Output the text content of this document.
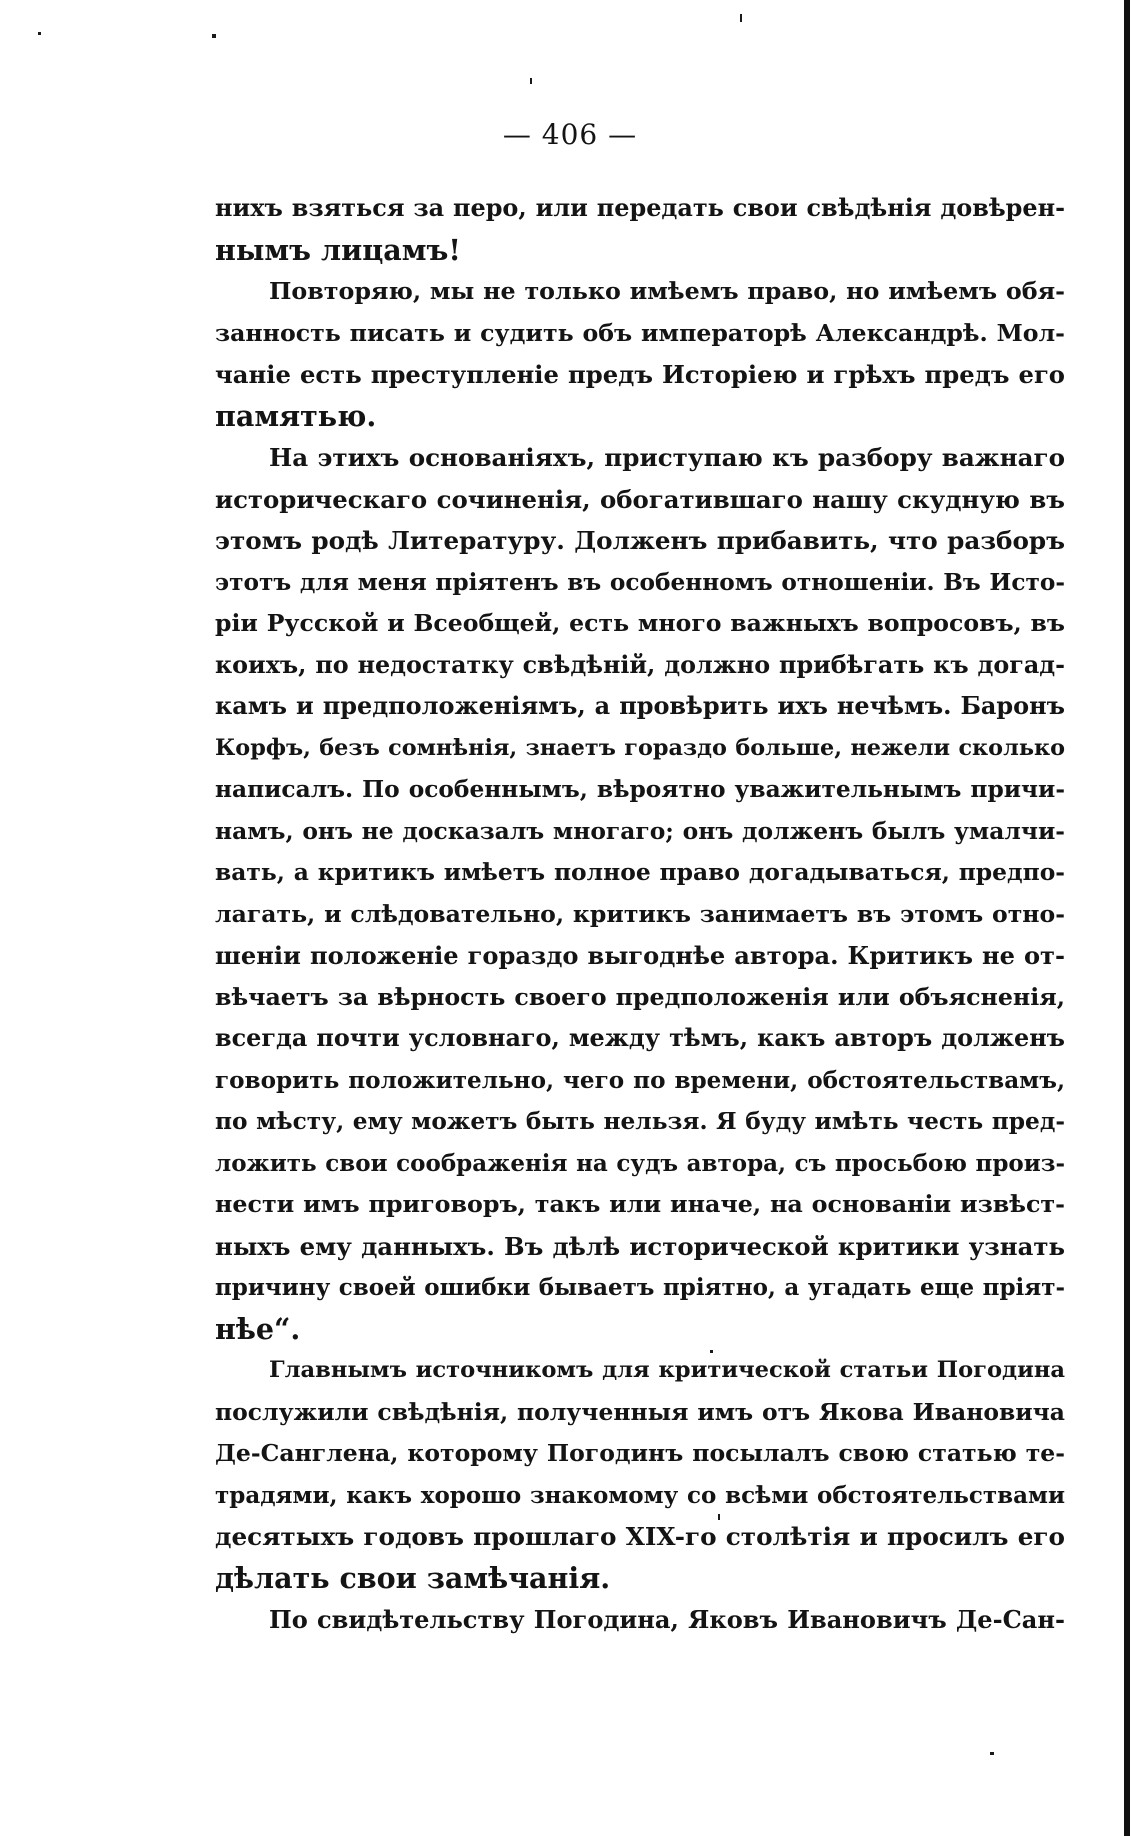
— 406 —
нихъ взяться за перо, или передать свои свѣдѣнія довѣрен-
нымъ лицамъ!
Повторяю, мы не только имѣемъ право, но имѣемъ обя-
занность писать и судить объ императорѣ Александрѣ. Мол-
чаніе есть преступленіе предъ Исторіею и грѣхъ предъ его
памятью.
На этихъ основаніяхъ, приступаю къ разбору важнаго
историческаго сочиненія, обогатившаго нашу скудную въ
этомъ родѣ Литературу. Долженъ прибавить, что разборъ
этотъ для меня пріятенъ въ особенномъ отношеніи. Въ Исто-
ріи Русской и Всеобщей, есть много важныхъ вопросовъ, въ
коихъ, по недостатку свѣдѣній, должно прибѣгать къ догад-
камъ и предположеніямъ, а провѣрить ихъ нечѣмъ. Баронъ
Корфъ, безъ сомнѣнія, знаетъ гораздо больше, нежели сколько
написалъ. По особеннымъ, вѣроятно уважительнымъ причи-
намъ, онъ не досказалъ многаго; онъ долженъ былъ умалчи-
вать, а критикъ имѣетъ полное право догадываться, предпо-
лагать, и слѣдовательно, критикъ занимаетъ въ этомъ отно-
шеніи положеніе гораздо выгоднѣе автора. Критикъ не от-
вѣчаетъ за вѣрность своего предположенія или объясненія,
всегда почти условнаго, между тѣмъ, какъ авторъ долженъ
говорить положительно, чего по времени, обстоятельствамъ,
по мѣсту, ему можетъ быть нельзя. Я буду имѣть честь пред-
ложить свои соображенія на судъ автора, съ просьбою произ-
нести имъ приговоръ, такъ или иначе, на основаніи извѣст-
ныхъ ему данныхъ. Въ дѣлѣ исторической критики узнать
причину своей ошибки бываетъ пріятно, а угадать еще пріят-
нѣе“.
Главнымъ источникомъ для критической статьи Погодина
послужили свѣдѣнія, полученныя имъ отъ Якова Ивановича
Де-Санглена, которому Погодинъ посылалъ свою статью те-
традями, какъ хорошо знакомому со всѣми обстоятельствами
десятыхъ годовъ прошлаго XIX-го столѣтія и просилъ его
дѣлать свои замѣчанія.
По свидѣтельству Погодина, Яковъ Ивановичъ Де-Сан-
